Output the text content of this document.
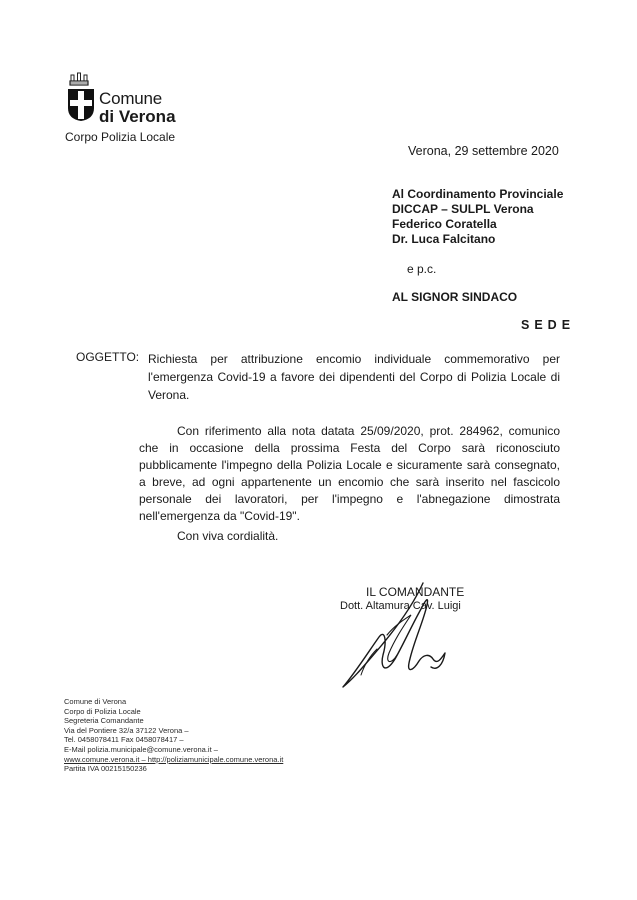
Comune
di Verona
Corpo Polizia Locale
Verona, 29 settembre 2020
Al Coordinamento Provinciale
DICCAP – SULPL Verona
Federico Coratella
Dr. Luca Falcitano
e p.c.
AL SIGNOR SINDACO
SEDE
OGGETTO: Richiesta per attribuzione encomio individuale commemorativo per l'emergenza Covid-19 a favore dei dipendenti del Corpo di Polizia Locale di Verona.
Con riferimento alla nota datata 25/09/2020, prot. 284962, comunico che in occasione della prossima Festa del Corpo sarà riconosciuto pubblicamente l'impegno della Polizia Locale e sicuramente sarà consegnato, a breve, ad ogni appartenente un encomio che sarà inserito nel fascicolo personale dei lavoratori, per l'impegno e l'abnegazione dimostrata nell'emergenza da "Covid-19".
Con viva cordialità.
IL COMANDANTE
Dott. Altamura Cav. Luigi
Comune di Verona
Corpo di Polizia Locale
Segreteria Comandante
Via del Pontiere 32/a 37122 Verona –
Tel. 0458078411 Fax 0458078417 –
E-Mail polizia.municipale@comune.verona.it –
www.comune.verona.it – http://poliziamunicipale.comune.verona.it
Partita IVA 00215150236
